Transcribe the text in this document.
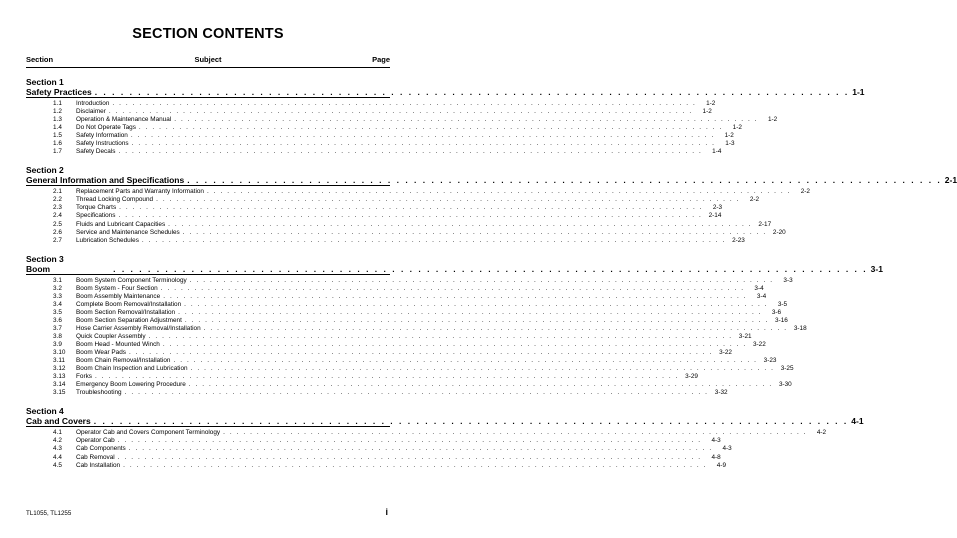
SECTION CONTENTS
Section	Subject	Page
Section 1
Safety Practices . . . . . . . . . . . . . . . . . . . . . . . . . . . . . . . . . . . . . . . . . . . . . . . . . . . . . . . . . . . . . . . . . . . . . . . . . . . . . . . . . . . . . . . 1-1
1.1	Introduction . . . . . . . . . . . . . . . . . . . . . . . . . . . . . . . . . . . . . . . . . . . . . . . . . . . . . . . . . . . . . . . . . . . . . . . . . . . . . . . . . . . . . . .	1-2
1.2	Disclaimer . . . . . . . . . . . . . . . . . . . . . . . . . . . . . . . . . . . . . . . . . . . . . . . . . . . . . . . . . . . . . . . . . . . . . . . . . . . . . . . . . . . . . . .	1-2
1.3	Operation & Maintenance Manual . . . . . . . . . . . . . . . . . . . . . . . . . . . . . . . . . . . . . . . . . . . . . . . . . . . . . . . . . . . . . . . . . . . . . . . . . . . . . . . . . . . . . . .	1-2
1.4	Do Not Operate Tags . . . . . . . . . . . . . . . . . . . . . . . . . . . . . . . . . . . . . . . . . . . . . . . . . . . . . . . . . . . . . . . . . . . . . . . . . . . . . . . . . . . . . . .	1-2
1.5	Safety Information . . . . . . . . . . . . . . . . . . . . . . . . . . . . . . . . . . . . . . . . . . . . . . . . . . . . . . . . . . . . . . . . . . . . . . . . . . . . . . . . . . . . . . .	1-2
1.6	Safety Instructions . . . . . . . . . . . . . . . . . . . . . . . . . . . . . . . . . . . . . . . . . . . . . . . . . . . . . . . . . . . . . . . . . . . . . . . . . . . . . . . . . . . . . . .	1-3
1.7	Safety Decals . . . . . . . . . . . . . . . . . . . . . . . . . . . . . . . . . . . . . . . . . . . . . . . . . . . . . . . . . . . . . . . . . . . . . . . . . . . . . . . . . . . . . . .	1-4
Section 2
General Information and Specifications . . . . . . . . . . . . . . . . . . . . . . . . . . . . . . . . . . . . . . . . . . . . . . . . . . . . . . . . . . . . . . . . . . . . . . . . . . . . . . . . . . . . . . . 2-1
2.1	Replacement Parts and Warranty Information . . . . . . . . . . . . . . . . . . . . . . . . . . . . . . . . . . . . . . . . . . . . . . . . . . . . . . . . . . . . . . . . . . . . . . . . . . . . . . . . . . . . . . .	2-2
2.2	Thread Locking Compound . . . . . . . . . . . . . . . . . . . . . . . . . . . . . . . . . . . . . . . . . . . . . . . . . . . . . . . . . . . . . . . . . . . . . . . . . . . . . . . . . . . . . . .	2-2
2.3	Torque Charts . . . . . . . . . . . . . . . . . . . . . . . . . . . . . . . . . . . . . . . . . . . . . . . . . . . . . . . . . . . . . . . . . . . . . . . . . . . . . . . . . . . . . . .	2-3
2.4	Specifications . . . . . . . . . . . . . . . . . . . . . . . . . . . . . . . . . . . . . . . . . . . . . . . . . . . . . . . . . . . . . . . . . . . . . . . . . . . . . . . . . . . . . . . 2-14
2.5	Fluids and Lubricant Capacities . . . . . . . . . . . . . . . . . . . . . . . . . . . . . . . . . . . . . . . . . . . . . . . . . . . . . . . . . . . . . . . . . . . . . . . . . . . . . . . . . . . . . . . 2-17
2.6	Service and Maintenance Schedules . . . . . . . . . . . . . . . . . . . . . . . . . . . . . . . . . . . . . . . . . . . . . . . . . . . . . . . . . . . . . . . . . . . . . . . . . . . . . . . . . . . . . . . 2-20
2.7	Lubrication Schedules . . . . . . . . . . . . . . . . . . . . . . . . . . . . . . . . . . . . . . . . . . . . . . . . . . . . . . . . . . . . . . . . . . . . . . . . . . . . . . . . . . . . . . . 2-23
Section 3
Boom	. . . . . . . . . . . . . . . . . . . . . . . . . . . . . . . . . . . . . . . . . . . . . . . . . . . . . . . . . . . . . . . . . . . . . . . . . . . . . . . . . . . . . . . 3-1
3.1	Boom System Component Terminology . . . . . . . . . . . . . . . . . . . . . . . . . . . . . . . . . . . . . . . . . . . . . . . . . . . . . . . . . . . . . . . . . . . . . . . . . . . . . . . . . . . . . . .	3-3
3.2	Boom System - Four Section . . . . . . . . . . . . . . . . . . . . . . . . . . . . . . . . . . . . . . . . . . . . . . . . . . . . . . . . . . . . . . . . . . . . . . . . . . . . . . . . . . . . . . .	3-4
3.3	Boom Assembly Maintenance . . . . . . . . . . . . . . . . . . . . . . . . . . . . . . . . . . . . . . . . . . . . . . . . . . . . . . . . . . . . . . . . . . . . . . . . . . . . . . . . . . . . . . .	3-4
3.4	Complete Boom Removal/Installation . . . . . . . . . . . . . . . . . . . . . . . . . . . . . . . . . . . . . . . . . . . . . . . . . . . . . . . . . . . . . . . . . . . . . . . . . . . . . . . . . . . . . . .	3-5
3.5	Boom Section Removal/Installation . . . . . . . . . . . . . . . . . . . . . . . . . . . . . . . . . . . . . . . . . . . . . . . . . . . . . . . . . . . . . . . . . . . . . . . . . . . . . . . . . . . . . . .	3-6
3.6	Boom Section Separation Adjustment . . . . . . . . . . . . . . . . . . . . . . . . . . . . . . . . . . . . . . . . . . . . . . . . . . . . . . . . . . . . . . . . . . . . . . . . . . . . . . . . . . . . . . . 3-16
3.7	Hose Carrier Assembly Removal/Installation . . . . . . . . . . . . . . . . . . . . . . . . . . . . . . . . . . . . . . . . . . . . . . . . . . . . . . . . . . . . . . . . . . . . . . . . . . . . . . . . . . . . . . . 3-18
3.8	Quick Coupler Assembly . . . . . . . . . . . . . . . . . . . . . . . . . . . . . . . . . . . . . . . . . . . . . . . . . . . . . . . . . . . . . . . . . . . . . . . . . . . . . . . . . . . . . . . 3-21
3.9	Boom Head - Mounted Winch . . . . . . . . . . . . . . . . . . . . . . . . . . . . . . . . . . . . . . . . . . . . . . . . . . . . . . . . . . . . . . . . . . . . . . . . . . . . . . . . . . . . . . . 3-22
3.10	Boom Wear Pads . . . . . . . . . . . . . . . . . . . . . . . . . . . . . . . . . . . . . . . . . . . . . . . . . . . . . . . . . . . . . . . . . . . . . . . . . . . . . . . . . . . . . . . 3-22
3.11	Boom Chain Removal/Installation . . . . . . . . . . . . . . . . . . . . . . . . . . . . . . . . . . . . . . . . . . . . . . . . . . . . . . . . . . . . . . . . . . . . . . . . . . . . . . . . . . . . . . . 3-23
3.12	Boom Chain Inspection and Lubrication . . . . . . . . . . . . . . . . . . . . . . . . . . . . . . . . . . . . . . . . . . . . . . . . . . . . . . . . . . . . . . . . . . . . . . . . . . . . . . . . . . . . . . . 3-25
3.13	Forks . . . . . . . . . . . . . . . . . . . . . . . . . . . . . . . . . . . . . . . . . . . . . . . . . . . . . . . . . . . . . . . . . . . . . . . . . . . . . . . . . . . . . . . 3-29
3.14	Emergency Boom Lowering Procedure . . . . . . . . . . . . . . . . . . . . . . . . . . . . . . . . . . . . . . . . . . . . . . . . . . . . . . . . . . . . . . . . . . . . . . . . . . . . . . . . . . . . . . . 3-30
3.15	Troubleshooting . . . . . . . . . . . . . . . . . . . . . . . . . . . . . . . . . . . . . . . . . . . . . . . . . . . . . . . . . . . . . . . . . . . . . . . . . . . . . . . . . . . . . . . 3-32
Section 4
Cab and Covers . . . . . . . . . . . . . . . . . . . . . . . . . . . . . . . . . . . . . . . . . . . . . . . . . . . . . . . . . . . . . . . . . . . . . . . . . . . . . . . . . . . . . . . 4-1
4.1	Operator Cab and Covers Component Terminology . . . . . . . . . . . . . . . . . . . . . . . . . . . . . . . . . . . . . . . . . . . . . . . . . . . . . . . . . . . . . . . . . . . . . . . . . . . . . . . . . . . . . . .	4-2
4.2	Operator Cab . . . . . . . . . . . . . . . . . . . . . . . . . . . . . . . . . . . . . . . . . . . . . . . . . . . . . . . . . . . . . . . . . . . . . . . . . . . . . . . . . . . . . . .	4-3
4.3	Cab Components . . . . . . . . . . . . . . . . . . . . . . . . . . . . . . . . . . . . . . . . . . . . . . . . . . . . . . . . . . . . . . . . . . . . . . . . . . . . . . . . . . . . . . .	4-3
4.4	Cab Removal . . . . . . . . . . . . . . . . . . . . . . . . . . . . . . . . . . . . . . . . . . . . . . . . . . . . . . . . . . . . . . . . . . . . . . . . . . . . . . . . . . . . . . .	4-8
4.5	Cab Installation . . . . . . . . . . . . . . . . . . . . . . . . . . . . . . . . . . . . . . . . . . . . . . . . . . . . . . . . . . . . . . . . . . . . . . . . . . . . . . . . . . . . . . .	4-9
TL1055, TL1255	i
